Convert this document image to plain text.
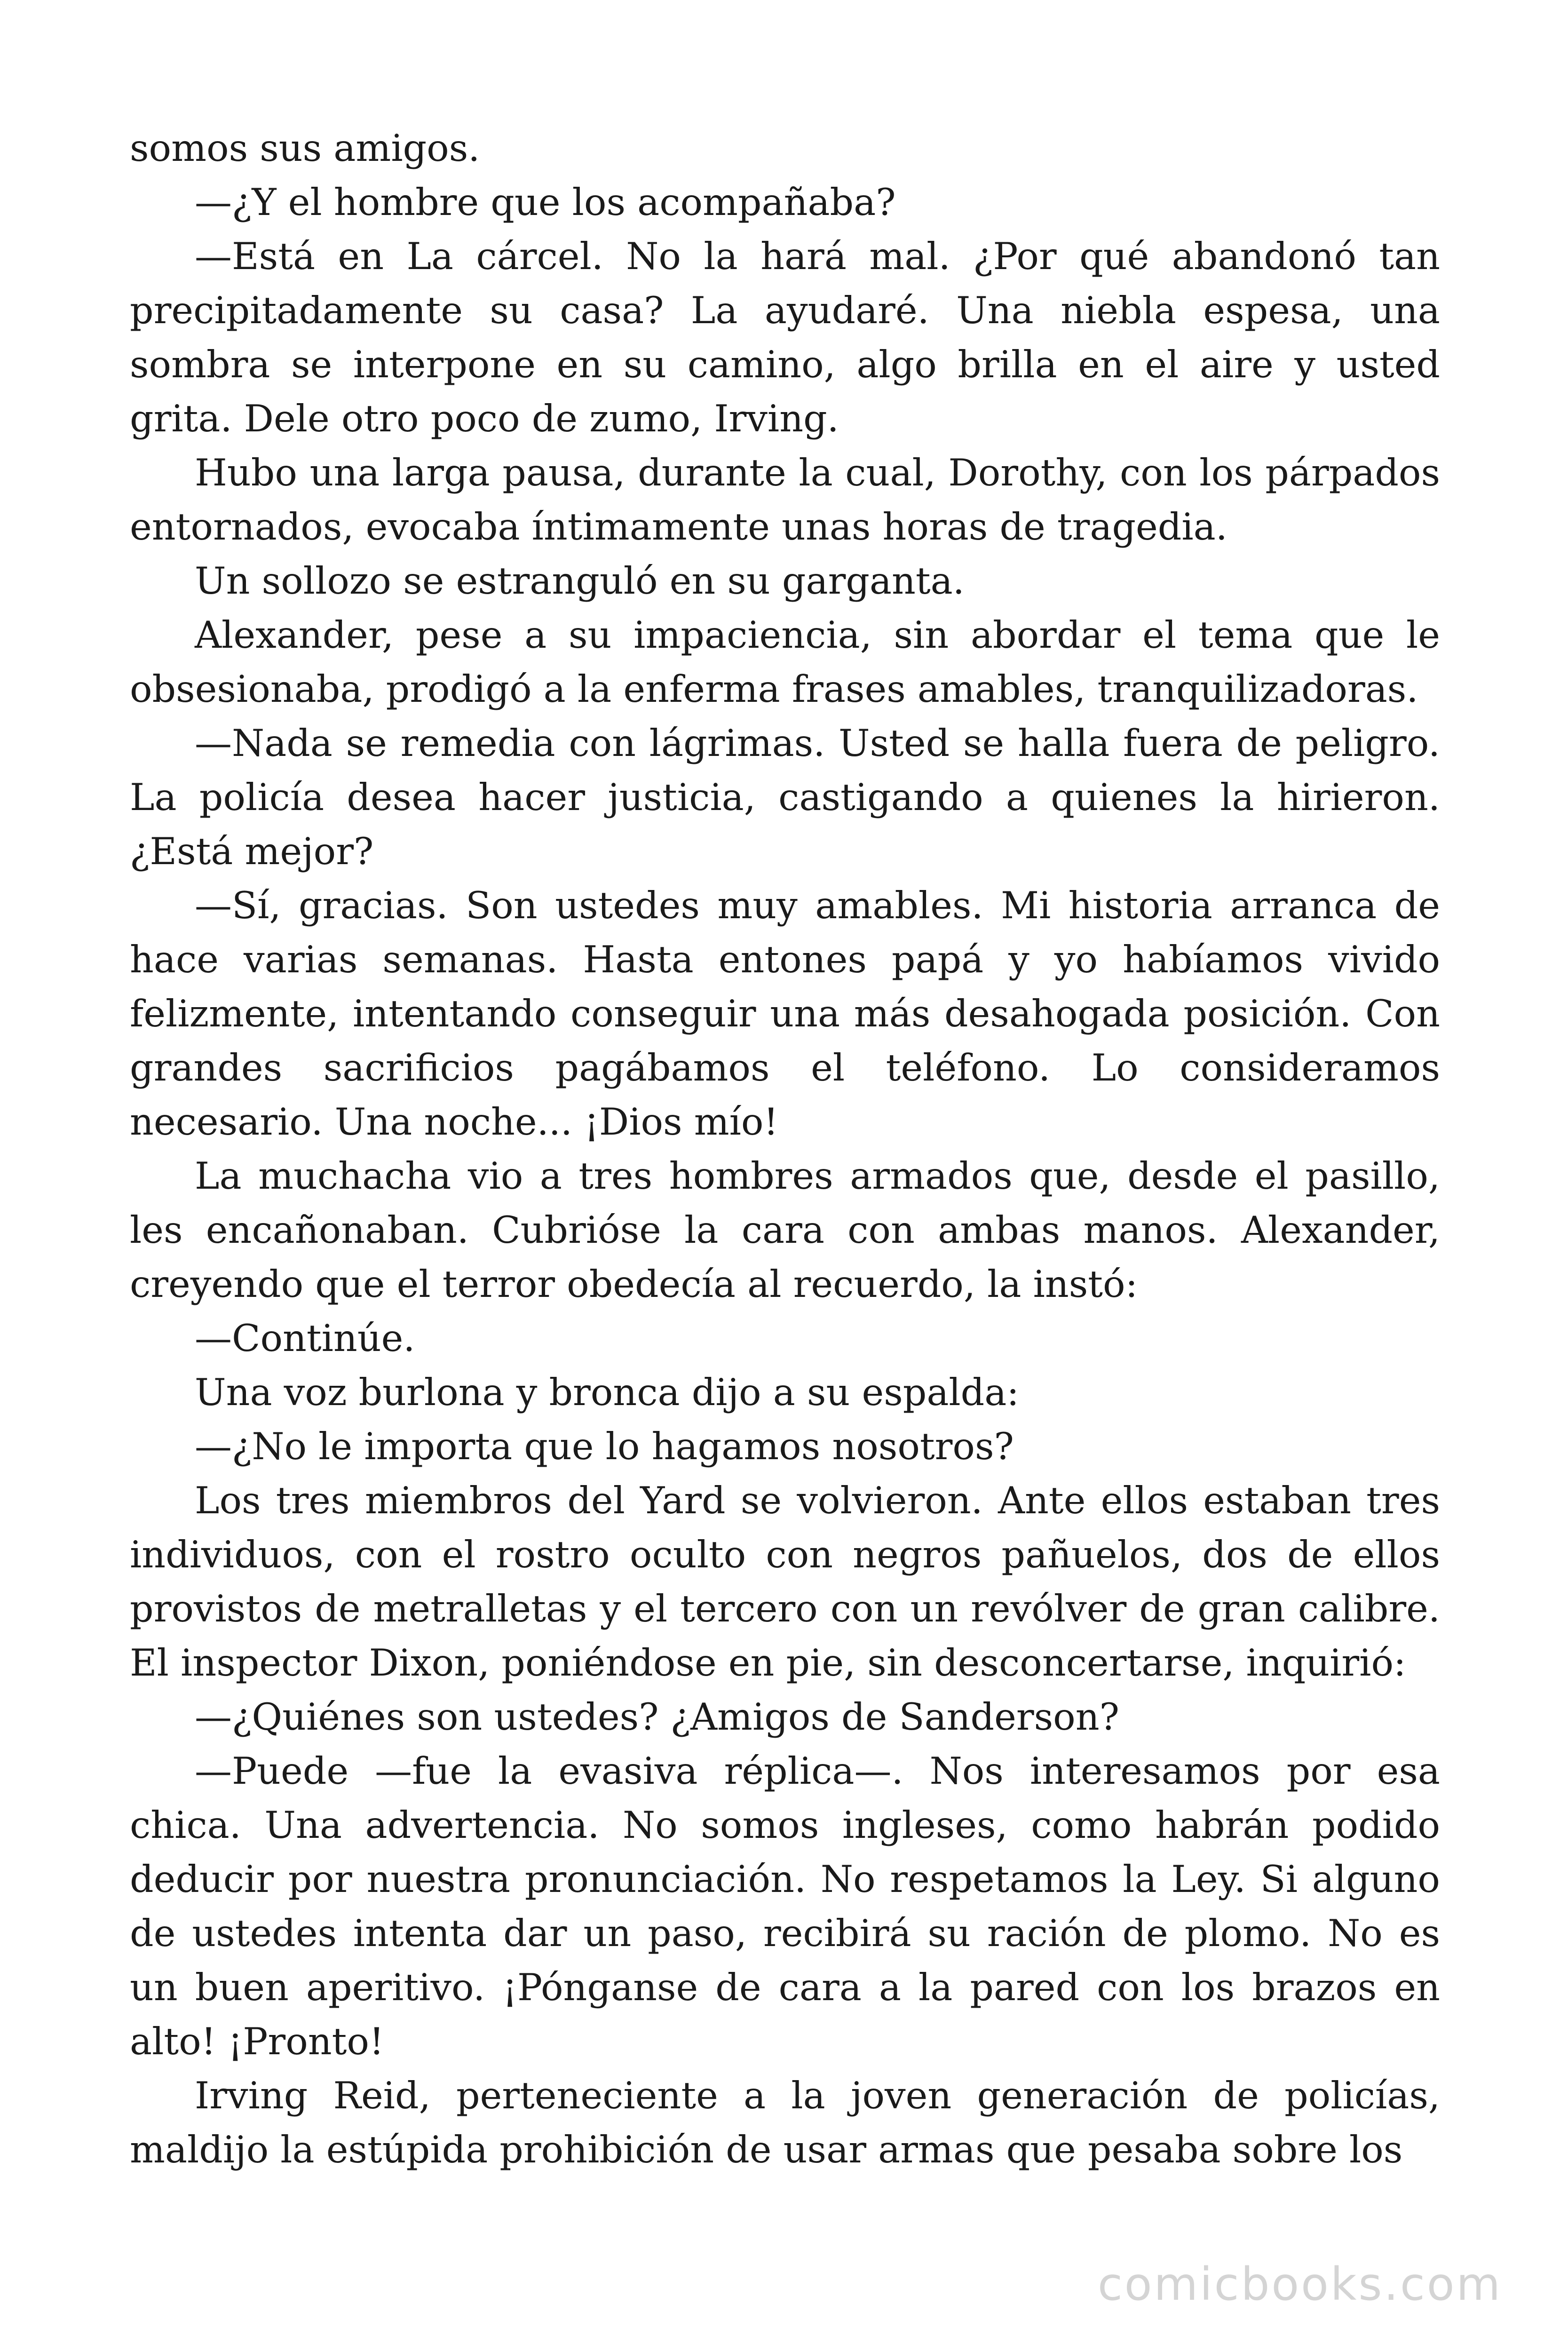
somos sus amigos.

—¿Y el hombre que los acompañaba?

—Está en La cárcel. No la hará mal. ¿Por qué abandonó tan precipitadamente su casa? La ayudaré. Una niebla espesa, una sombra se interpone en su camino, algo brilla en el aire y usted grita. Dele otro poco de zumo, Irving.

Hubo una larga pausa, durante la cual, Dorothy, con los párpados entornados, evocaba íntimamente unas horas de tragedia.

Un sollozo se estranguló en su garganta.

Alexander, pese a su impaciencia, sin abordar el tema que le obsesionaba, prodigó a la enferma frases amables, tranquilizadoras.

—Nada se remedia con lágrimas. Usted se halla fuera de peligro. La policía desea hacer justicia, castigando a quienes la hirieron. ¿Está mejor?

—Sí, gracias. Son ustedes muy amables. Mi historia arranca de hace varias semanas. Hasta entones papá y yo habíamos vivido felizmente, intentando conseguir una más desahogada posición. Con grandes sacrificios pagábamos el teléfono. Lo consideramos necesario. Una noche... ¡Dios mío!

La muchacha vio a tres hombres armados que, desde el pasillo, les encañonaban. Cubrióse la cara con ambas manos. Alexander, creyendo que el terror obedecía al recuerdo, la instó:

—Continúe.

Una voz burlona y bronca dijo a su espalda:

—¿No le importa que lo hagamos nosotros?

Los tres miembros del Yard se volvieron. Ante ellos estaban tres individuos, con el rostro oculto con negros pañuelos, dos de ellos provistos de metralletas y el tercero con un revólver de gran calibre. El inspector Dixon, poniéndose en pie, sin desconcertarse, inquirió:

—¿Quiénes son ustedes? ¿Amigos de Sanderson?

—Puede —fue la evasiva réplica—. Nos interesamos por esa chica. Una advertencia. No somos ingleses, como habrán podido deducir por nuestra pronunciación. No respetamos la Ley. Si alguno de ustedes intenta dar un paso, recibirá su ración de plomo. No es un buen aperitivo. ¡Pónganse de cara a la pared con los brazos en alto! ¡Pronto!

Irving Reid, perteneciente a la joven generación de policías, maldijo la estúpida prohibición de usar armas que pesaba sobre los

comicbooks.com
